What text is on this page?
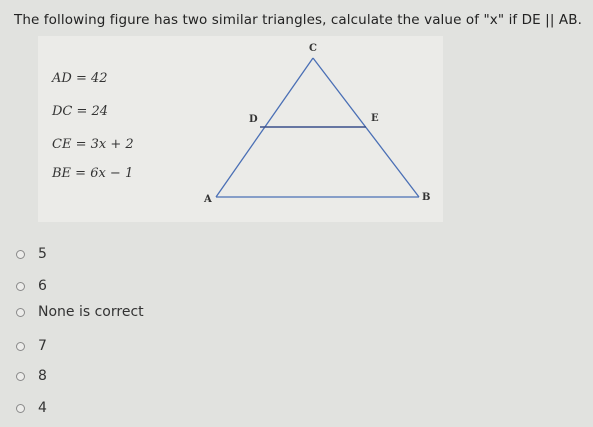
The following figure has two similar triangles, calculate the value of "x" if DE || AB.
AD = 42
DC = 24
CE = 3x + 2
BE = 6x − 1
C
D	E
A	B
5
6
None is correct
7
8
4
